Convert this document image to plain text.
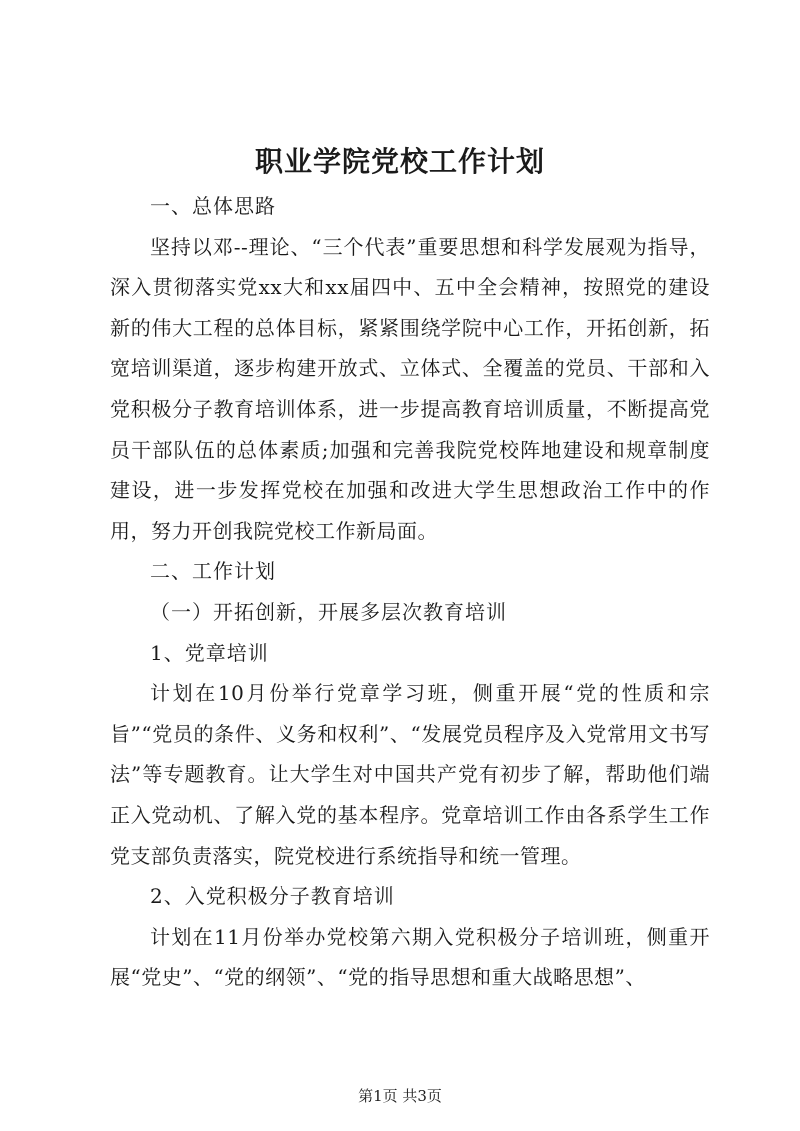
职业学院党校工作计划

一、总体思路

坚持以邓--理论、“三个代表”重要思想和科学发展观为指导，深入贯彻落实党xx大和xx届四中、五中全会精神，按照党的建设新的伟大工程的总体目标，紧紧围绕学院中心工作，开拓创新，拓宽培训渠道，逐步构建开放式、立体式、全覆盖的党员、干部和入党积极分子教育培训体系，进一步提高教育培训质量，不断提高党员干部队伍的总体素质;加强和完善我院党校阵地建设和规章制度建设，进一步发挥党校在加强和改进大学生思想政治工作中的作用，努力开创我院党校工作新局面。

二、工作计划

（一）开拓创新，开展多层次教育培训

1、党章培训

计划在10月份举行党章学习班，侧重开展“党的性质和宗旨”“党员的条件、义务和权利”、“发展党员程序及入党常用文书写法”等专题教育。让大学生对中国共产党有初步了解，帮助他们端正入党动机、了解入党的基本程序。党章培训工作由各系学生工作党支部负责落实，院党校进行系统指导和统一管理。

2、入党积极分子教育培训

计划在11月份举办党校第六期入党积极分子培训班，侧重开展“党史”、“党的纲领”、“党的指导思想和重大战略思想”、

第1页 共3页
